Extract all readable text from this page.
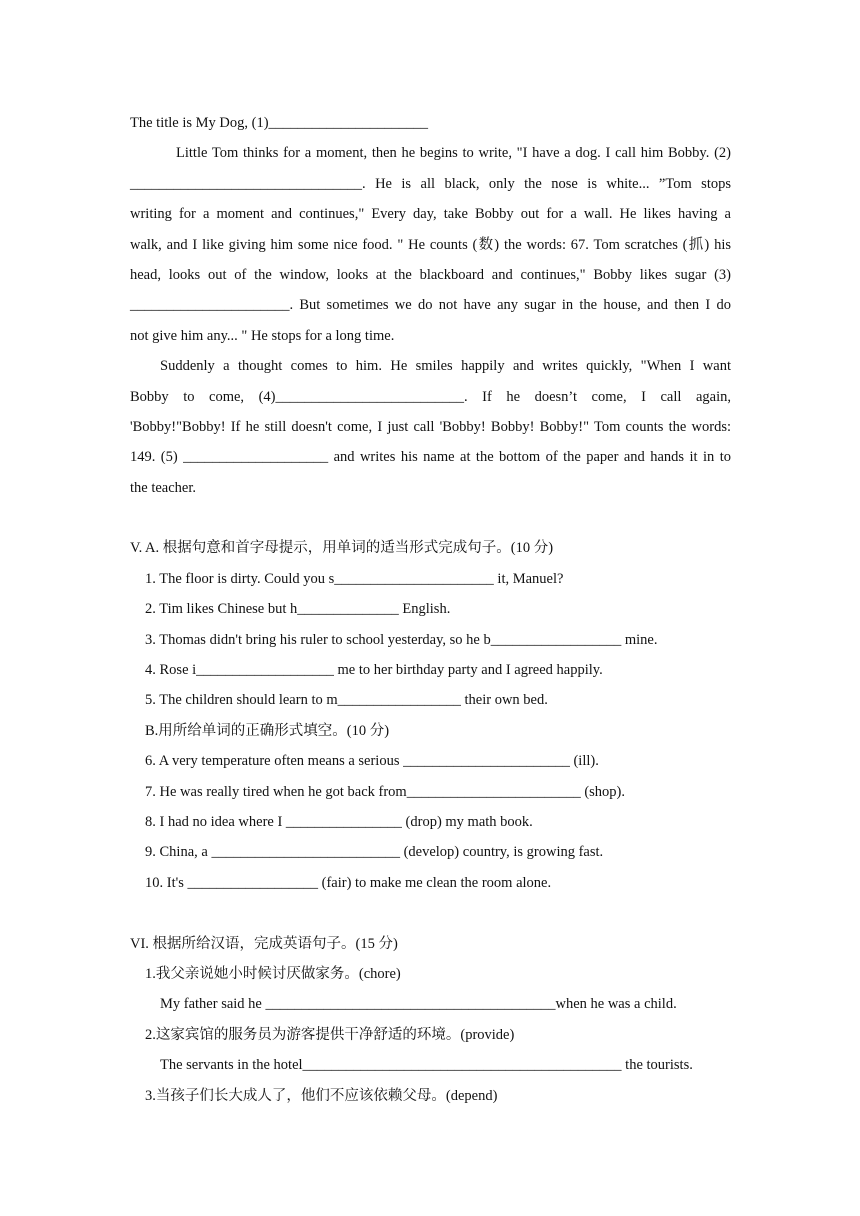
The title is My Dog, (1)______________________
Little Tom thinks for a moment, then he begins to write, "I have a dog. I call him Bobby. (2)
________________________________. He is all black, only the nose is white... ”Tom stops
writing for a moment and continues," Every day, take Bobby out for a wall. He likes having a
walk, and I like giving him some nice food. " He counts (数) the words: 67. Tom scratches (抓) his
head, looks out of the window, looks at the blackboard and continues," Bobby likes sugar (3)
______________________. But sometimes we do not have any sugar in the house, and then I do
not give him any... " He stops for a long time.
Suddenly a thought comes to him. He smiles happily and writes quickly, "When I want
Bobby to come, (4)__________________________. If he doesn’t come, I call again,
'Bobby!"Bobby! If he still doesn't come, I just call 'Bobby! Bobby! Bobby!" Tom counts the words:
149. (5) ____________________ and writes his name at the bottom of the paper and hands it in to
the teacher.
V. A. 根据句意和首字母提示，用单词的适当形式完成句子。(10 分)
1. The floor is dirty. Could you s______________________ it, Manuel?
2. Tim likes Chinese but h______________ English.
3. Thomas didn't bring his ruler to school yesterday, so he b__________________ mine.
4. Rose i___________________ me to her birthday party and I agreed happily.
5. The children should learn to m_________________ their own bed.
B.用所给单词的正确形式填空。(10 分)
6. A very temperature often means a serious _______________________ (ill).
7. He was really tired when he got back from________________________ (shop).
8. I had no idea where I ________________ (drop) my math book.
9. China, a __________________________ (develop) country, is growing fast.
10. It's __________________ (fair) to make me clean the room alone.
VI. 根据所给汉语，完成英语句子。(15 分)
1.我父亲说她小时候讨厌做家务。(chore)
My father said he ________________________________________when he was a child.
2.这家宾馆的服务员为游客提供干净舒适的环境。(provide)
The servants in the hotel____________________________________________ the tourists.
3.当孩子们长大成人了，他们不应该依赖父母。(depend)
